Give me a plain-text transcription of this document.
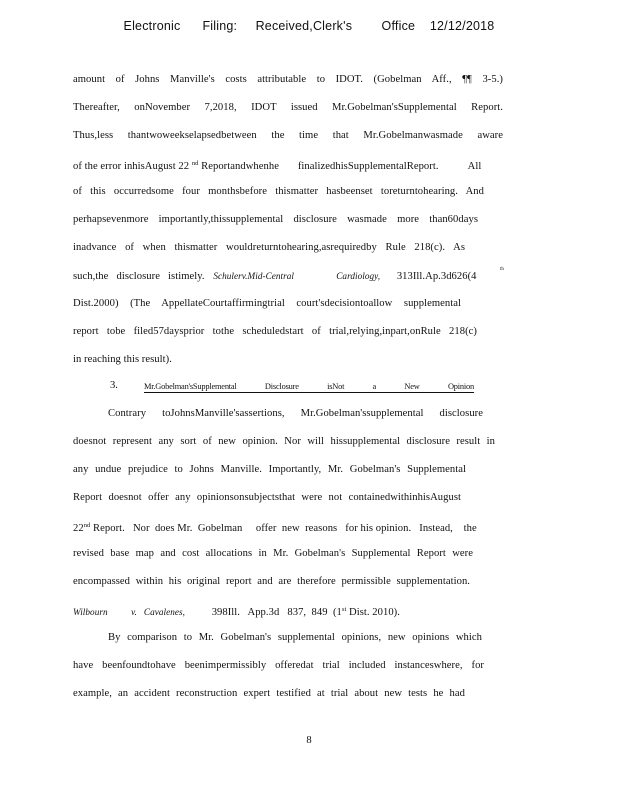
Electronic      Filing:     Received,Clerk's        Office    12/12/2018
amount of Johns Manville's costs attributable to IDOT. (Gobelman Aff., ¶¶ 3-5.)
Thereafter, onNovember 7,2018, IDOT issued Mr.Gobelman'sSupplemental Report.
Thus,less thantwoweekselapsedbetween the time that Mr.Gobelmanwasmade aware
of the error inhisAugust 22 $^{nd}$ Reportandwhenhe       finalizedhisSupplementalReport.           All
of this occurredsome four monthsbefore thismatter hasbeenset toreturntohearing. And
perhapsevenmore importantly,thissupplemental disclosure wasmade more than60days
inadvance of when thismatter wouldreturntohearing,asrequiredby Rule 218(c). As
such,the   disclosure   istimely. Schulerv.Mid-Central                  Cardiology, 313Ill.Ap.3d626(4
th
Dist.2000) (The AppellateCourtaffirmingtrial court'sdecisiontoallow supplemental
report tobe filed57daysprior tothe scheduledstart of trial,relying,inpart,onRule 218(c)
in reaching this result).
3.	Mr.Gobelman'sSupplemental Disclosure isNot a New Opinion
Contrary toJohnsManville'sassertions, Mr.Gobelman'ssupplemental disclosure
doesnot represent any sort of new opinion. Nor will hissupplemental disclosure result in
any undue prejudice to Johns Manville. Importantly, Mr. Gobelman's Supplemental
Report doesnot offer any opinionsonsubjectsthat were not containedwithinhisAugust
22nd Report.   Nor  does Mr.  Gobelman     offer  new  reasons   for his opinion.   Instead,    the
revised base map and cost allocations in Mr. Gobelman's Supplemental Report were
encompassed within his original report and are therefore permissible supplementation.
Wilbourn          v.   Cavalenes,	398Ill.   App.3d   837,  849  (1st Dist. 2010).
By comparison to Mr. Gobelman's supplemental opinions, new opinions which
have beenfoundtohave beenimpermissibly offeredat trial included instanceswhere, for
example, an accident reconstruction expert testified at trial about new tests he had
8
